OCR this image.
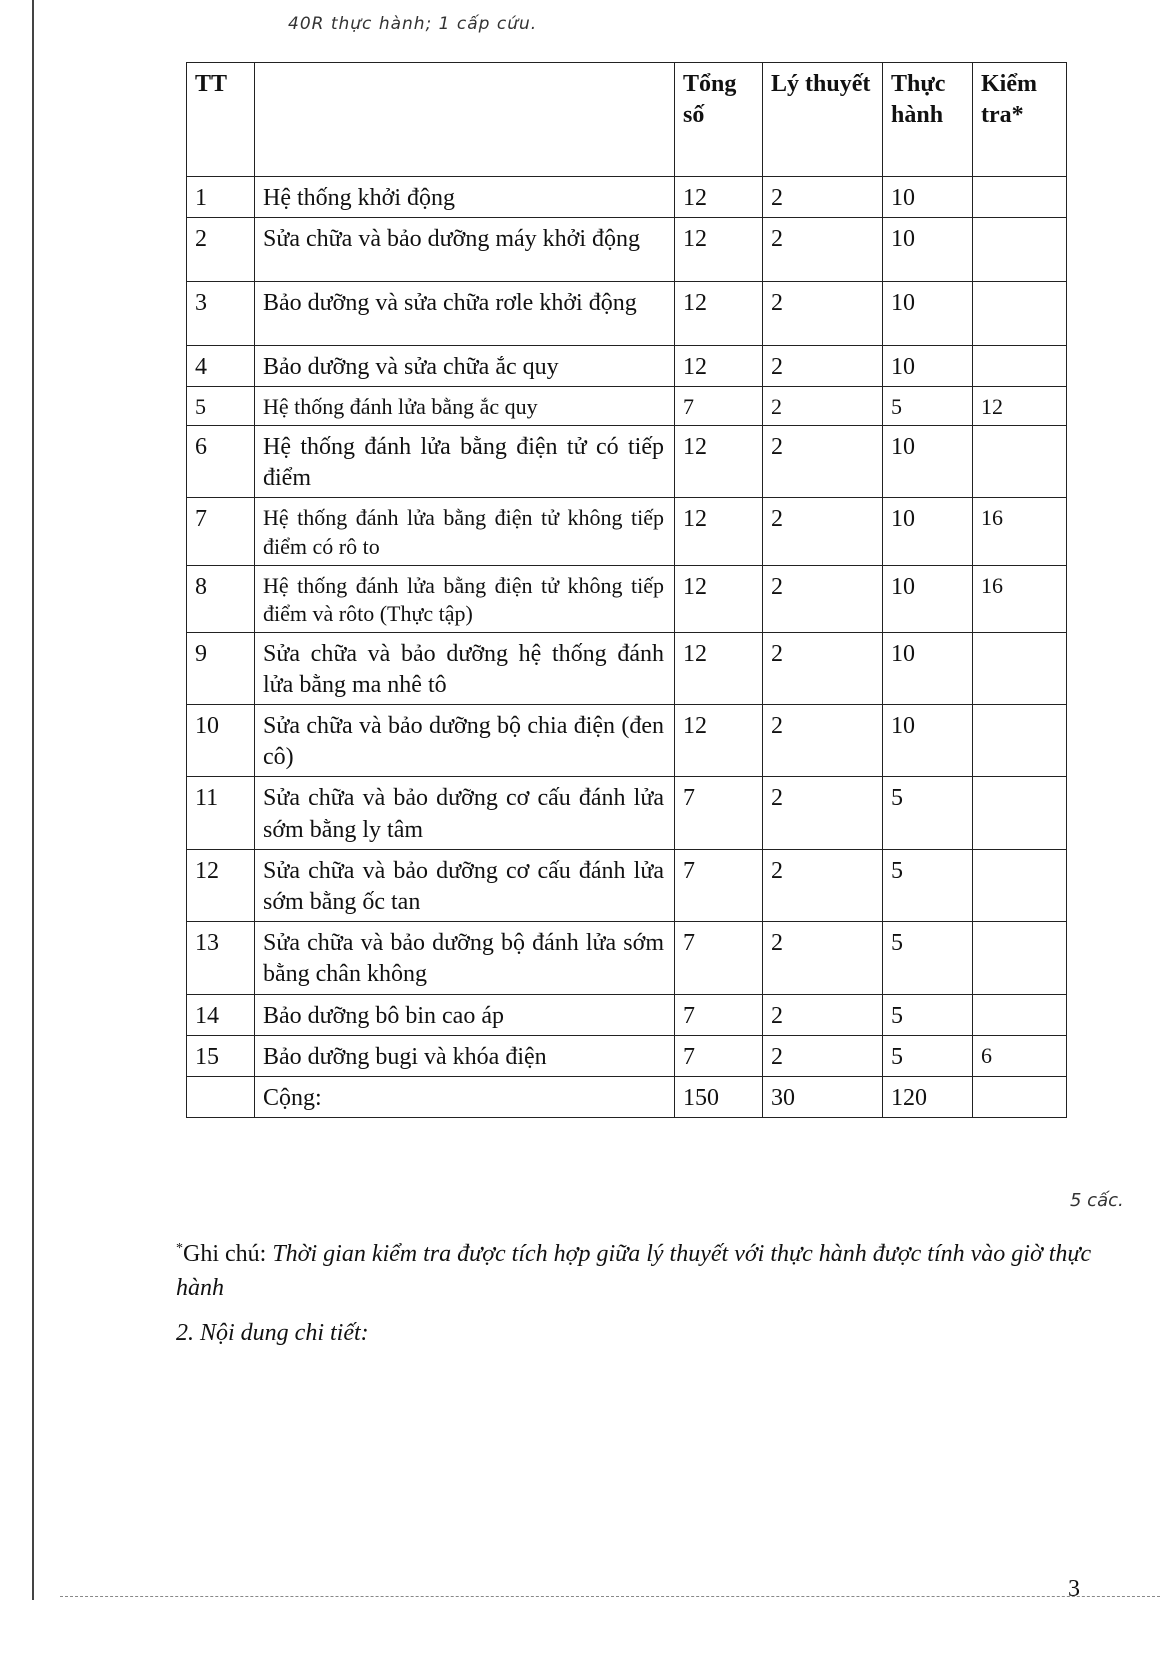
40R thực hành; 1 cấp cứu.
TT		Tổng số	Lý thuyết	Thực hành	Kiểm tra*
1	Hệ thống khởi động	12	2	10	
2	Sửa chữa và bảo dưỡng máy khởi động	12	2	10	
3	Bảo dưỡng và sửa chữa rơle khởi động	12	2	10	
4	Bảo dưỡng và sửa chữa ắc quy	12	2	10	
5	Hệ thống đánh lửa bằng ắc quy	7	2	5	12
6	Hệ thống đánh lửa bằng điện tử có tiếp điểm	12	2	10	
7	Hệ thống đánh lửa bằng điện tử không tiếp điểm có rô to	12	2	10	16
8	Hệ thống đánh lửa bằng điện tử không tiếp điểm và rôto (Thực tập)	12	2	10	16
9	Sửa chữa và bảo dưỡng hệ thống đánh lửa bằng ma nhê tô	12	2	10	
10	Sửa chữa và bảo dưỡng bộ chia điện (đen cô)	12	2	10	
11	Sửa chữa và bảo dưỡng cơ cấu đánh lửa sớm bằng ly tâm	7	2	5	
12	Sửa chữa và bảo dưỡng cơ cấu đánh lửa sớm bằng ốc tan	7	2	5	
13	Sửa chữa và bảo dưỡng bộ đánh lửa sớm bằng chân không	7	2	5	
14	Bảo dưỡng bô bin cao áp	7	2	5	
15	Bảo dưỡng bugi và khóa điện	7	2	5	6
	Cộng:	150	30	120	
5 cấc.
*Ghi chú: Thời gian kiểm tra được tích hợp giữa lý thuyết với thực hành được tính vào giờ thực hành
2. Nội dung chi tiết:
3
